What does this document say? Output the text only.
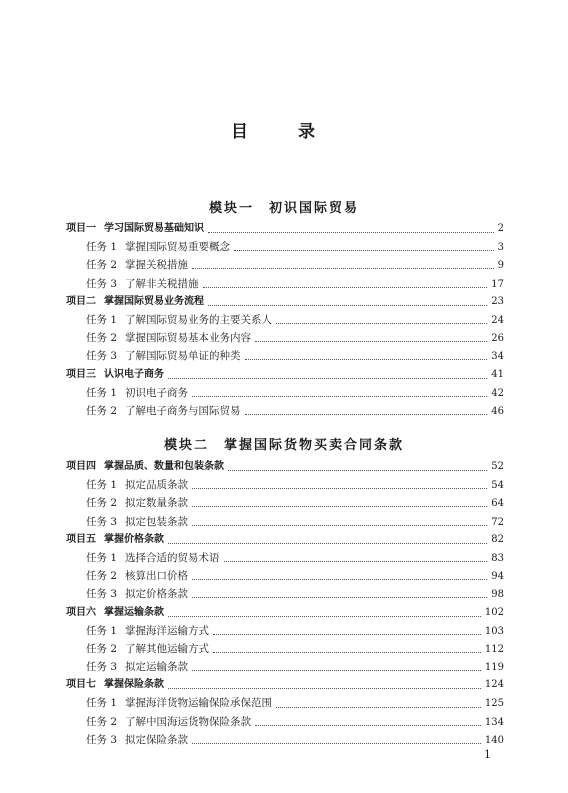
目 录
模块一　初识国际贸易
项目一 学习国际贸易基础知识	2
任务 1 掌握国际贸易重要概念	3
任务 2 掌握关税措施	9
任务 3 了解非关税措施	17
项目二 掌握国际贸易业务流程	23
任务 1 了解国际贸易业务的主要关系人	24
任务 2 掌握国际贸易基本业务内容	26
任务 3 了解国际贸易单证的种类	34
项目三 认识电子商务	41
任务 1 初识电子商务	42
任务 2 了解电子商务与国际贸易	46
模块二　掌握国际货物买卖合同条款
项目四 掌握品质、数量和包装条款	52
任务 1 拟定品质条款	54
任务 2 拟定数量条款	64
任务 3 拟定包装条款	72
项目五 掌握价格条款	82
任务 1 选择合适的贸易术语	83
任务 2 核算出口价格	94
任务 3 拟定价格条款	98
项目六 掌握运输条款	102
任务 1 掌握海洋运输方式	103
任务 2 了解其他运输方式	112
任务 3 拟定运输条款	119
项目七 掌握保险条款	124
任务 1 掌握海洋货物运输保险承保范围	125
任务 2 了解中国海运货物保险条款	134
任务 3 拟定保险条款	140
1
